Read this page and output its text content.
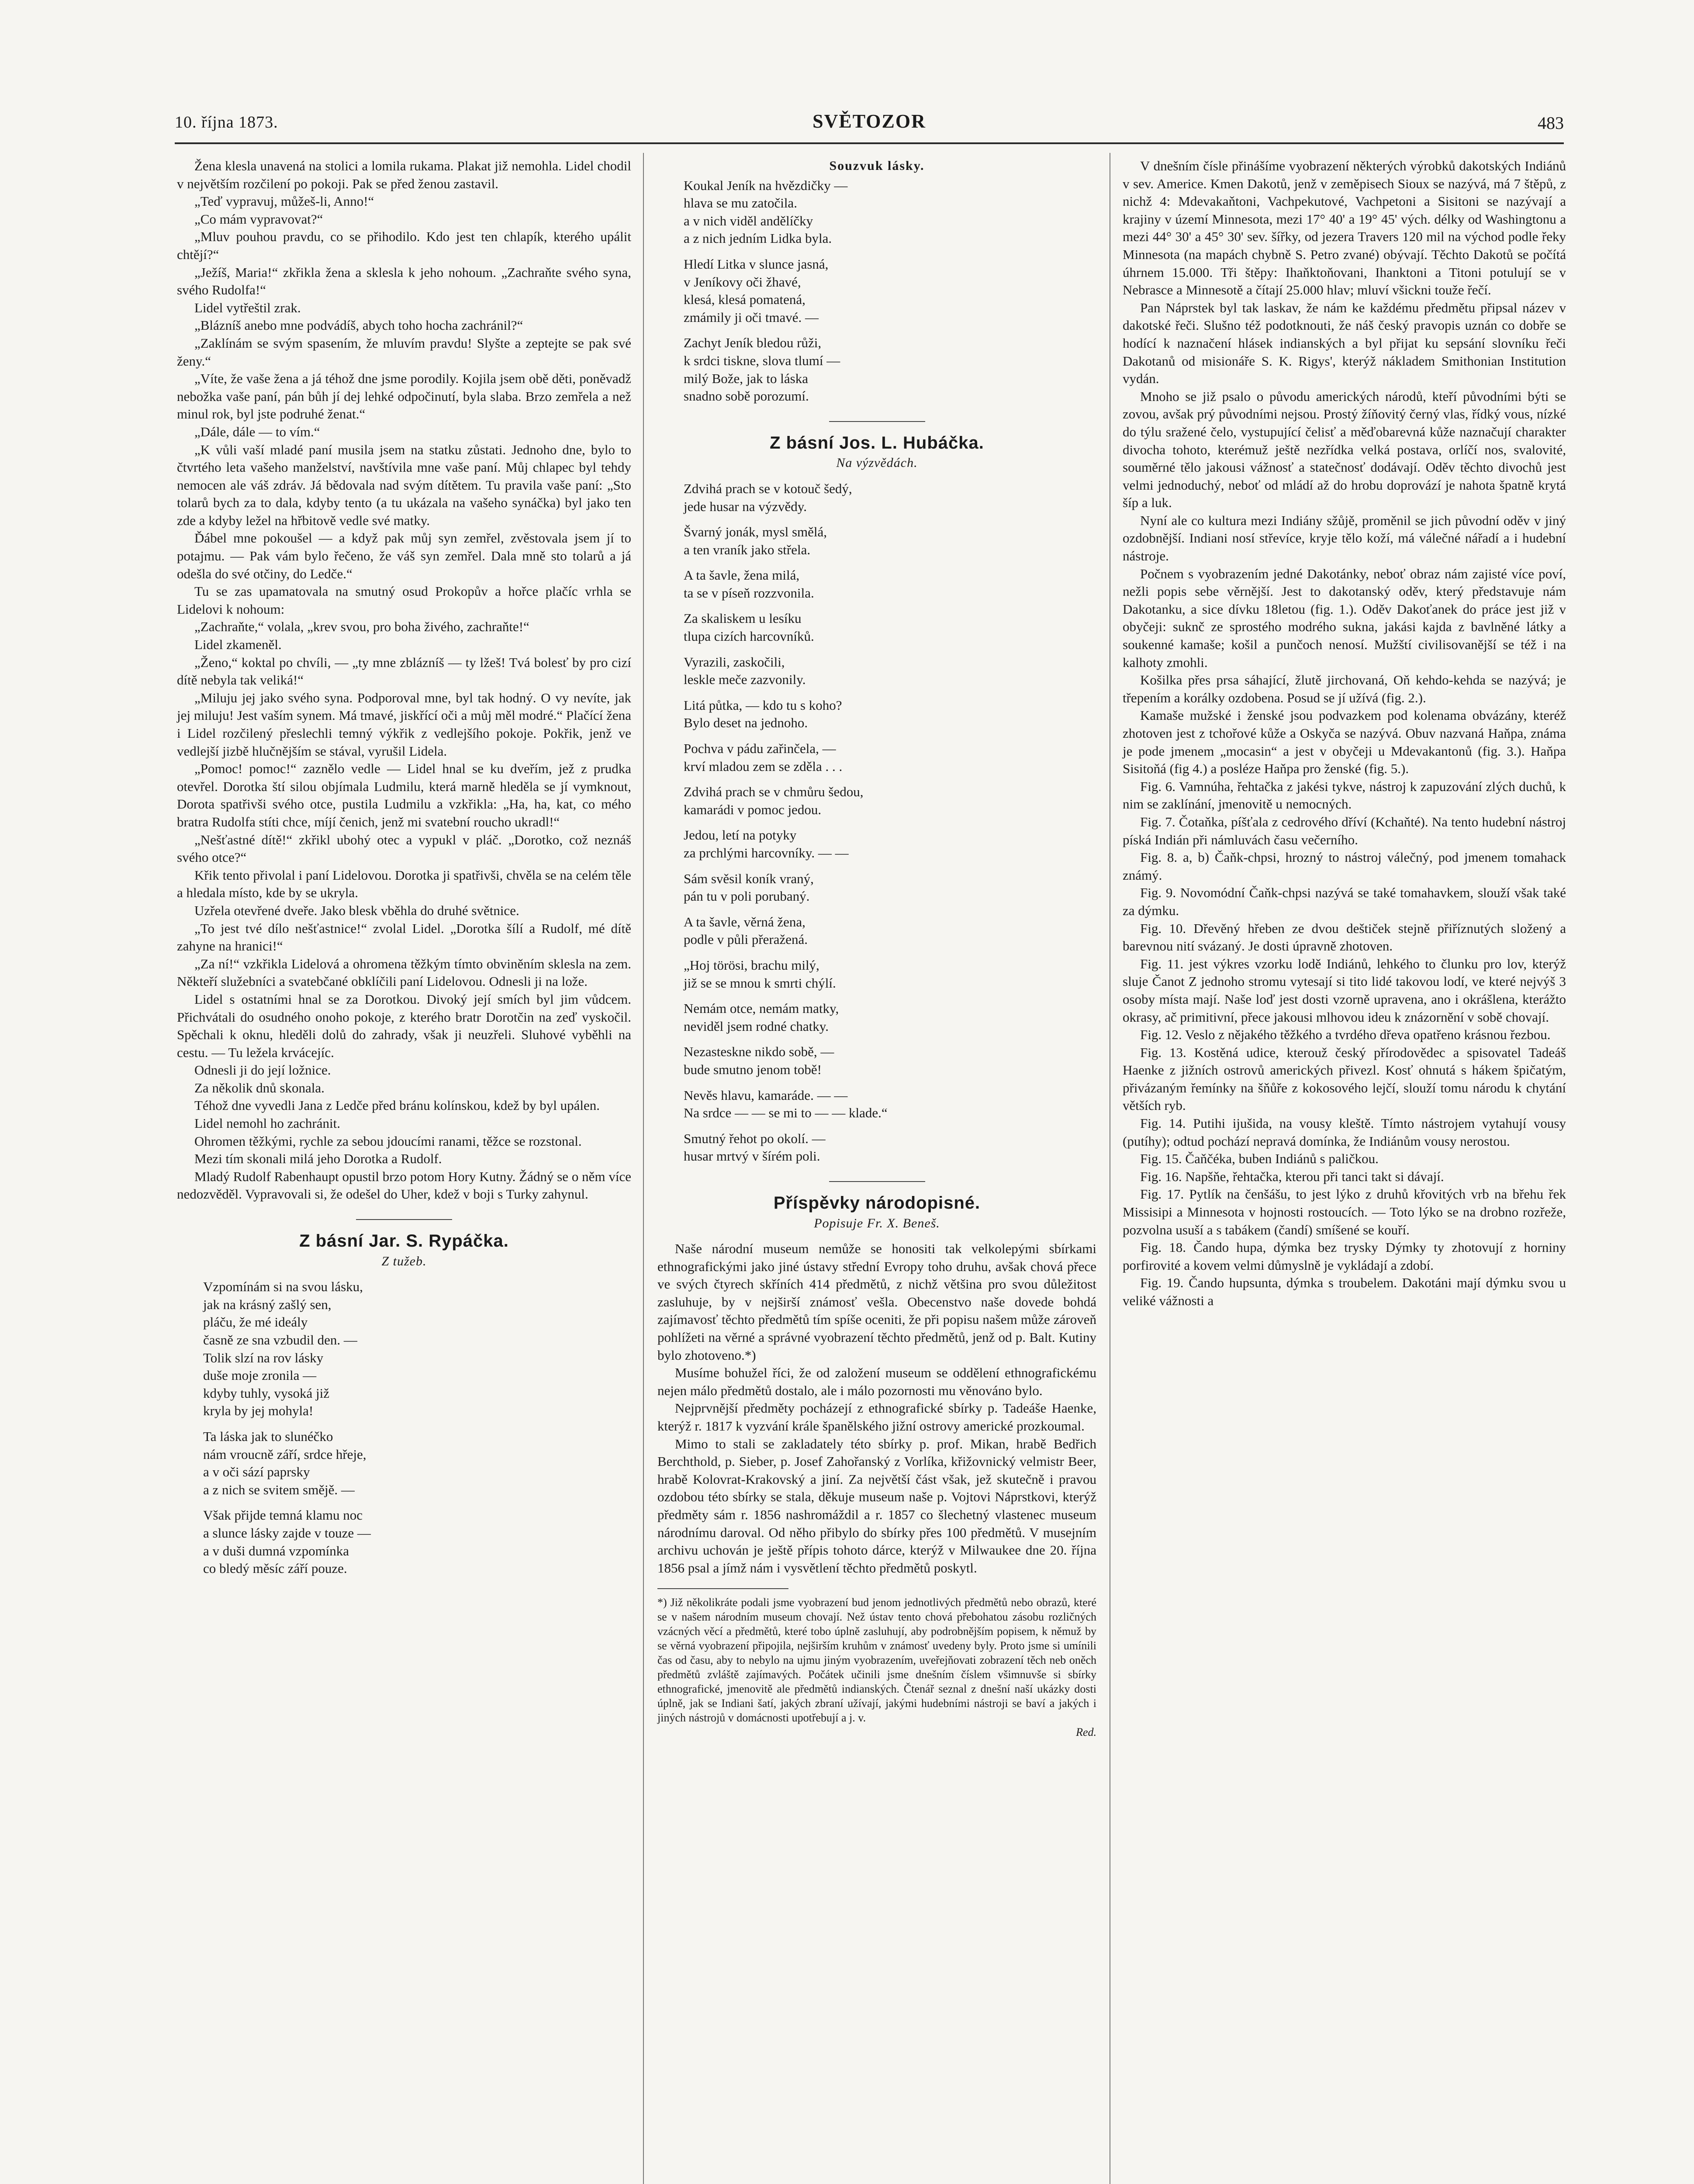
10. října 1873.	SVĚTOZOR	483

Žena klesla unavená na stolici a lomila rukama. Plakat již nemohla. Lidel chodil v největším rozčilení po pokoji. Pak se před ženou zastavil.

„Teď vypravuj, můžeš-li, Anno!“

„Co mám vypravovat?“

„Mluv pouhou pravdu, co se přihodilo. Kdo jest ten chlapík, kterého upálit chtějí?“

„Ježíš, Maria!“ zkřikla žena a sklesla k jeho nohoum. „Zachraňte svého syna, svého Rudolfa!“

Lidel vytřeštil zrak.

„Blázníš anebo mne podvádíš, abych toho hocha zachránil?“

„Zaklínám se svým spasením, že mluvím pravdu! Slyšte a zeptejte se pak své ženy.“

„Víte, že vaše žena a já téhož dne jsme porodily. Kojila jsem obě děti, poněvadž nebožka vaše paní, pán bůh jí dej lehké odpočinutí, byla slaba. Brzo zemřela a než minul rok, byl jste podruhé ženat.“

„Dále, dále — to vím.“

„K vůli vaší mladé paní musila jsem na statku zůstati. Jednoho dne, bylo to čtvrtého leta vašeho manželství, navštívila mne vaše paní. Můj chlapec byl tehdy nemocen ale váš zdráv. Já bědovala nad svým dítětem. Tu pravila vaše paní: „Sto tolarů bych za to dala, kdyby tento (a tu ukázala na vašeho synáčka) byl jako ten zde a kdyby ležel na hřbitově vedle své matky.

Ďábel mne pokoušel — a když pak můj syn zemřel, zvěstovala jsem jí to potajmu. — Pak vám bylo řečeno, že váš syn zemřel. Dala mně sto tolarů a já odešla do své otčiny, do Ledče.“

Tu se zas upamatovala na smutný osud Prokopův a hořce plačíc vrhla se Lidelovi k nohoum:

„Zachraňte,“ volala, „krev svou, pro boha živého, zachraňte!“

Lidel zkameněl.

„Ženo,“ koktal po chvíli, — „ty mne zblázníš — ty lžeš! Tvá bolesť by pro cizí dítě nebyla tak veliká!“

„Miluju jej jako svého syna. Podporoval mne, byl tak hodný. O vy nevíte, jak jej miluju! Jest vaším synem. Má tmavé, jiskřící oči a můj měl modré.“ Plačící žena i Lidel rozčilený přeslechli temný výkřik z vedlejšího pokoje. Pokřik, jenž ve vedlejší jizbě hlučnějším se stával, vyrušil Lidela.

„Pomoc! pomoc!“ zaznělo vedle — Lidel hnal se ku dveřím, jež z prudka otevřel. Dorotka ští silou objímala Ludmilu, která marně hleděla se jí vymknout, Dorota spatřivši svého otce, pustila Ludmilu a vzkřikla: „Ha, ha, kat, co mého bratra Rudolfa stíti chce, míjí čenich, jenž mi svatební roucho ukradl!“

„Nešťastné dítě!“ zkřikl ubohý otec a vypukl v pláč. „Dorotko, což neznáš svého otce?“

Křik tento přivolal i paní Lidelovou. Dorotka ji spatřivši, chvěla se na celém těle a hledala místo, kde by se ukryla.

Uzřela otevřené dveře. Jako blesk vběhla do druhé světnice.

„To jest tvé dílo nešťastnice!“ zvolal Lidel. „Dorotka šílí a Rudolf, mé dítě zahyne na hranici!“

„Za ní!“ vzkřikla Lidelová a ohromena těžkým tímto obviněním sklesla na zem. Někteří služebníci a svatebčané obklíčili paní Lidelovou. Odnesli ji na lože.

Lidel s ostatními hnal se za Dorotkou. Divoký její smích byl jim vůdcem. Přichvátali do osudného onoho pokoje, z kterého bratr Dorotčin na zeď vyskočil. Spěchali k oknu, hleděli dolů do zahrady, však ji neuzřeli. Sluhové vyběhli na cestu. — Tu ležela krvácejíc.

Odnesli ji do její ložnice.

Za několik dnů skonala.

Téhož dne vyvedli Jana z Ledče před bránu kolínskou, kdež by byl upálen.

Lidel nemohl ho zachránit.

Ohromen těžkými, rychle za sebou jdoucími ranami, těžce se rozstonal.

Mezi tím skonali milá jeho Dorotka a Rudolf.

Mladý Rudolf Rabenhaupt opustil brzo potom Hory Kutny. Žádný se o něm více nedozvěděl. Vypravovali si, že odešel do Uher, kdež v boji s Turky zahynul.

Z básní Jar. S. Rypáčka.
Z tužeb.
Vzpomínám si na svou lásku,
jak na krásný zašlý sen,
pláču, že mé ideály
časně ze sna vzbudil den. —
Tolik slzí na rov lásky
duše moje zronila —
kdyby tuhly, vysoká již
kryla by jej mohyla!
Ta láska jak to slunéčko
nám vroucně září, srdce hřeje,
a v oči sází paprsky
a z nich se svitem smějě. —
Však přijde temná klamu noc
a slunce lásky zajde v touze —
a v duši dumná vzpomínka
co bledý měsíc září pouze.
Souzvuk lásky.
Koukal Jeník na hvězdičky —
hlava se mu zatočila.
a v nich viděl andělíčky
a z nich jedním Lidka byla.
Hledí Litka v slunce jasná,
v Jeníkovy oči žhavé,
klesá, klesá pomatená,
zmámily ji oči tmavé. —
Zachyt Jeník bledou růži,
k srdci tiskne, slova tlumí —
milý Bože, jak to láska
snadno sobě porozumí.
Z básní Jos. L. Hubáčka.
Na výzvědách.
Zdvihá prach se v kotouč šedý,
jede husar na výzvědy.
Švarný jonák, mysl smělá,
a ten vraník jako střela.
A ta šavle, žena milá,
ta se v píseň rozzvonila.
Za skaliskem u lesíku
tlupa cizích harcovníků.
Vyrazili, zaskočili,
leskle meče zazvonily.
Litá půtka, — kdo tu s koho?
Bylo deset na jednoho.
Pochva v pádu zařinčela, —
krví mladou zem se zděla . . .
Zdvihá prach se v chmůru šedou,
kamarádi v pomoc jedou.
Jedou, letí na potyky
za prchlými harcovníky. — —
Sám svěsil koník vraný,
pán tu v poli porubaný.
A ta šavle, věrná žena,
podle v půli přeražená.
„Hoj törösi, brachu milý,
již se se mnou k smrti chýlí.
Nemám otce, nemám matky,
neviděl jsem rodné chatky.
Nezasteskne nikdo sobě, —
bude smutno jenom tobě!
Nevěs hlavu, kamaráde. — —
Na srdce — — se mi to — — klade.“
Smutný řehot po okolí. —
husar mrtvý v šírém poli.
Příspěvky národopisné.
Popisuje Fr. X. Beneš.

Naše národní museum nemůže se honositi tak velkolepými sbírkami ethnografickými jako jiné ústavy střední Evropy toho druhu, avšak chová přece ve svých čtyrech skříních 414 předmětů, z nichž většina pro svou důležitost zasluhuje, by v nejširší známosť vešla. Obecenstvo naše dovede bohdá zajímavosť těchto předmětů tím spíše oceniti, že při popisu našem může zároveň pohlížeti na věrné a správné vyobrazení těchto předmětů, jenž od p. Balt. Kutiny bylo zhotoveno.*)

Musíme bohužel říci, že od založení museum se oddělení ethnografickému nejen málo předmětů dostalo, ale i málo pozornosti mu věnováno bylo.

Nejprvnější předměty pocházejí z ethnografické sbírky p. Tadeáše Haenke, kterýž r. 1817 k vyzvání krále španělského jižní ostrovy americké prozkoumal.

Mimo to stali se zakladately této sbírky p. prof. Mikan, hrabě Bedřich Berchthold, p. Sieber, p. Josef Zahořanský z Vorlíka, křižovnický velmistr Beer, hrabě Kolovrat-Krakovský a jiní. Za největší část však, jež skutečně i pravou ozdobou této sbírky se stala, děkuje museum naše p. Vojtovi Náprstkovi, kterýž předměty sám r. 1856 nashromáždil a r. 1857 co šlechetný vlastenec museum národnímu daroval. Od něho přibylo do sbírky přes 100 předmětů. V musejním archivu uchován je ještě přípis tohoto dárce, kterýž v Milwaukee dne 20. října 1856 psal a jímž nám i vysvětlení těchto předmětů poskytl.

*) Již několikráte podali jsme vyobrazení bud jenom jednotlivých předmětů nebo obrazů, které se v našem národním museum chovají. Než ústav tento chová přebohatou zásobu rozličných vzácných věcí a předmětů, které tobo úplně zasluhují, aby podrobnějším popisem, k němuž by se věrná vyobrazení připojila, nejširším kruhům v známosť uvedeny byly. Proto jsme si umínili čas od času, aby to nebylo na ujmu jiným vyobrazením, uveřejňovati zobrazení těch neb oněch předmětů zvláště zajímavých. Počátek učinili jsme dnešním číslem všimnuvše si sbírky ethnografické, jmenovitě ale předmětů indianských. Čtenář seznal z dnešní naší ukázky dosti úplně, jak se Indiani šatí, jakých zbraní užívají, jakými hudebními nástroji se baví a jakých i jiných nástrojů v domácnosti upotřebují a j. v.

Red.

V dnešním čísle přinášíme vyobrazení některých výrobků dakotských Indiánů v sev. Americe. Kmen Dakotů, jenž v zeměpisech Sioux se nazývá, má 7 štěpů, z nichž 4: Mdevakaňtoni, Vachpekutové, Vachpetoni a Sisitoni se nazývají a krajiny v území Minnesota, mezi 17° 40' a 19° 45' vých. délky od Washingtonu a mezi 44° 30' a 45° 30' sev. šířky, od jezera Travers 120 mil na východ podle řeky Minnesota (na mapách chybně S. Petro zvané) obývají. Těchto Dakotů se počítá úhrnem 15.000. Tři štěpy: Ihaňktoňovani, Ihanktoni a Titoni potulují se v Nebrasce a Minnesotě a čítají 25.000 hlav; mluví všickni touže řečí.

Pan Náprstek byl tak laskav, že nám ke každému předmětu připsal název v dakotské řeči. Slušno též podotknouti, že náš český pravopis uznán co dobře se hodící k naznačení hlásek indianských a byl přijat ku sepsání slovníku řeči Dakotanů od misionáře S. K. Rigys', kterýž nákladem Smithonian Institution vydán.

Mnoho se již psalo o původu amerických národů, kteří původními býti se zovou, avšak prý původními nejsou. Prostý žíňovitý černý vlas, řídký vous, nízké do týlu sražené čelo, vystupující čelisť a měďobarevná kůže naznačují charakter divocha tohoto, kterémuž ještě nezřídka velká postava, orlíčí nos, svalovité, souměrné tělo jakousi vážnosť a statečnosť dodávají. Oděv těchto divochů jest velmi jednoduchý, neboť od mládí až do hrobu doprovází je nahota špatně krytá šíp a luk.

Nyní ale co kultura mezi Indiány sžůjě, proměnil se jich původní oděv v jiný ozdobnější. Indiani nosí střevíce, kryje tělo koží, má válečné nářadí a i hudební nástroje.

Počnem s vyobrazením jedné Dakotánky, neboť obraz nám zajisté více poví, nežli popis sebe věrnější. Jest to dakotanský oděv, který představuje nám Dakotanku, a sice dívku 18letou (fig. 1.). Oděv Dakoťanek do práce jest již v obyčeji: suknč ze sprostého modrého sukna, jakási kajda z bavlněné látky a soukenné kamaše; košil a punčoch nenosí. Mužští civilisovanější se též i na kalhoty zmohli.

Košilka přes prsa sáhající, žlutě jirchovaná, Oň kehdo-kehda se nazývá; je třepením a korálky ozdobena. Posud se jí užívá (fig. 2.).

Kamaše mužské i ženské jsou podvazkem pod kolenama obvázány, kteréž zhotoven jest z tchořové kůže a Oskyča se nazývá. Obuv nazvaná Haňpa, známa je pode jmenem „mocasin“ a jest v obyčeji u Mdevakantonů (fig. 3.). Haňpa Sisitoňá (fig 4.) a posléze Haňpa pro ženské (fig. 5.).

Fig. 6. Vamnúha, řehtačka z jakési tykve, nástroj k zapuzování zlých duchů, k nim se zaklínání, jmenovitě u nemocných.

Fig. 7. Čotaňka, píšťala z cedrového dříví (Kchaňté). Na tento hudební nástroj píská Indián při námluvách času večerního.

Fig. 8. a, b) Čaňk-chpsi, hrozný to nástroj válečný, pod jmenem tomahack známý.

Fig. 9. Novomódní Čaňk-chpsi nazývá se také tomahavkem, slouží však také za dýmku.

Fig. 10. Dřevěný hřeben ze dvou deštiček stejně přiříznutých složený a barevnou nití svázaný. Je dosti úpravně zhotoven.

Fig. 11. jest výkres vzorku lodě Indiánů, lehkého to člunku pro lov, kterýž sluje Čanot Z jednoho stromu vytesají si tito lidé takovou lodí, ve které nejvýš 3 osoby místa mají. Naše loď jest dosti vzorně upravena, ano i okrášlena, kterážto okrasy, ač primitivní, přece jakousi mlhovou ideu k znázornění v sobě chovají.

Fig. 12. Veslo z nějakého těžkého a tvrdého dřeva opatřeno krásnou řezbou.

Fig. 13. Kostěná udice, kterouž český přírodovědec a spisovatel Tadeáš Haenke z jižních ostrovů amerických přivezl. Kosť ohnutá s hákem špičatým, přivázaným řemínky na šňůře z kokosového lejčí, slouží tomu národu k chytání větších ryb.

Fig. 14. Putihi ijušida, na vousy kleště. Tímto nástrojem vytahují vousy (putíhy); odtud pochází nepravá domínka, že Indiánům vousy nerostou.

Fig. 15. Čaňčéka, buben Indiánů s paličkou.

Fig. 16. Napšňe, řehtačka, kterou při tanci takt si dávají.

Fig. 17. Pytlík na čenšášu, to jest lýko z druhů křovitých vrb na břehu řek Missisipi a Minnesota v hojnosti rostoucích. — Toto lýko se na drobno rozřeže, pozvolna usuší a s tabákem (čandí) smíšené se kouří.

Fig. 18. Čando hupa, dýmka bez trysky Dýmky ty zhotovují z horniny porfirovité a kovem velmi důmyslně je vykládají a zdobí.

Fig. 19. Čando hupsunta, dýmka s troubelem. Dakotáni mají dýmku svou u veliké vážnosti a
